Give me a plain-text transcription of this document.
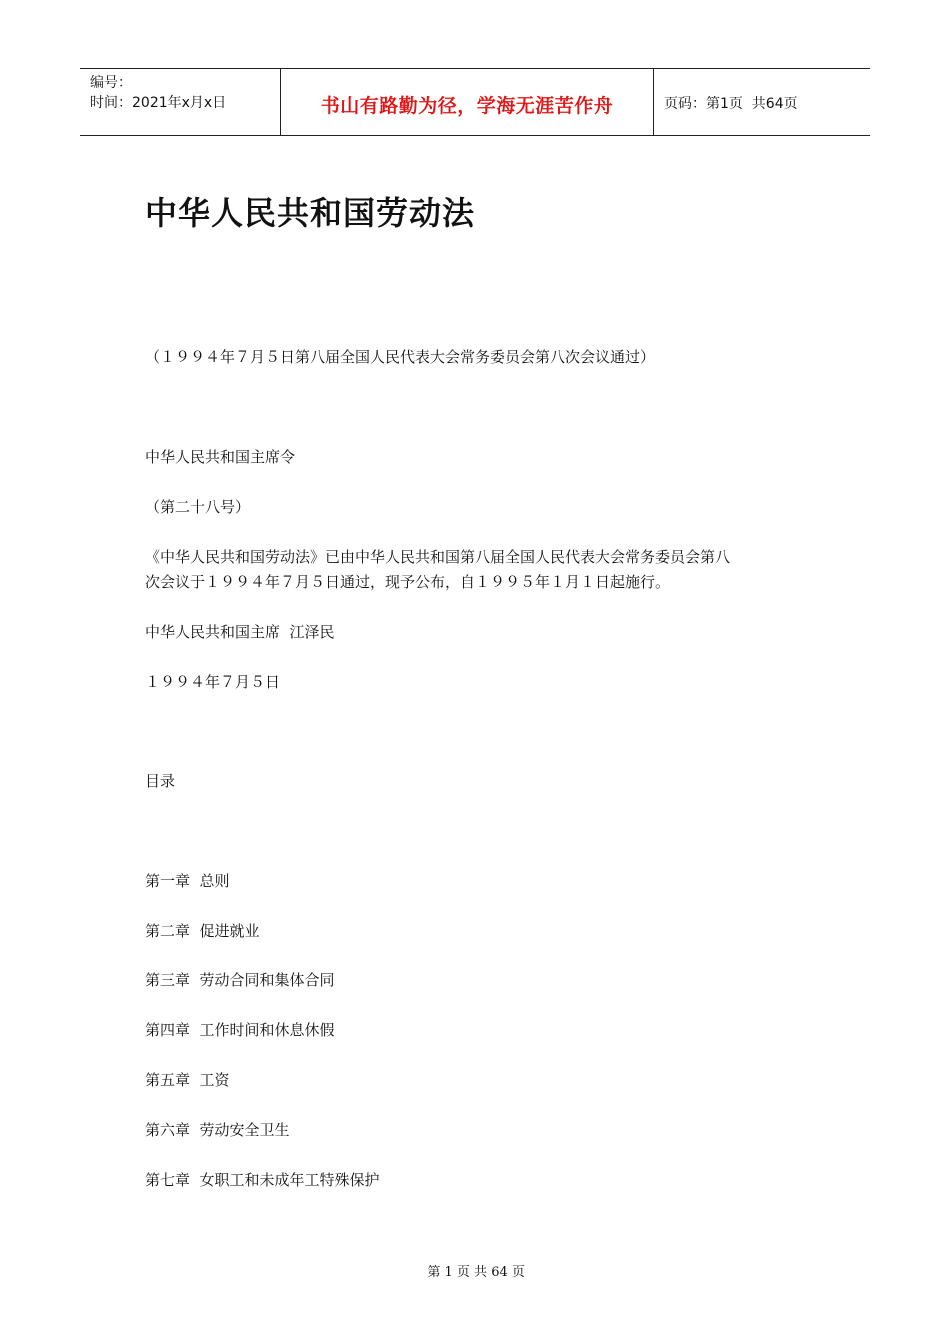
编号：
时间：2021年x月x日	书山有路勤为径，学海无涯苦作舟	页码：第1页  共64页
中华人民共和国劳动法

（１９９４年７月５日第八届全国人民代表大会常务委员会第八次会议通过）

中华人民共和国主席令

（第二十八号）

《中华人民共和国劳动法》已由中华人民共和国第八届全国人民代表大会常务委员会第八

次会议于１９９４年７月５日通过，现予公布，自１９９５年１月１日起施行。

中华人民共和国主席  江泽民

１９９４年７月５日

目录

第一章  总则

第二章  促进就业

第三章  劳动合同和集体合同

第四章  工作时间和休息休假

第五章  工资

第六章  劳动安全卫生

第七章  女职工和未成年工特殊保护

第 1 页 共 64 页
